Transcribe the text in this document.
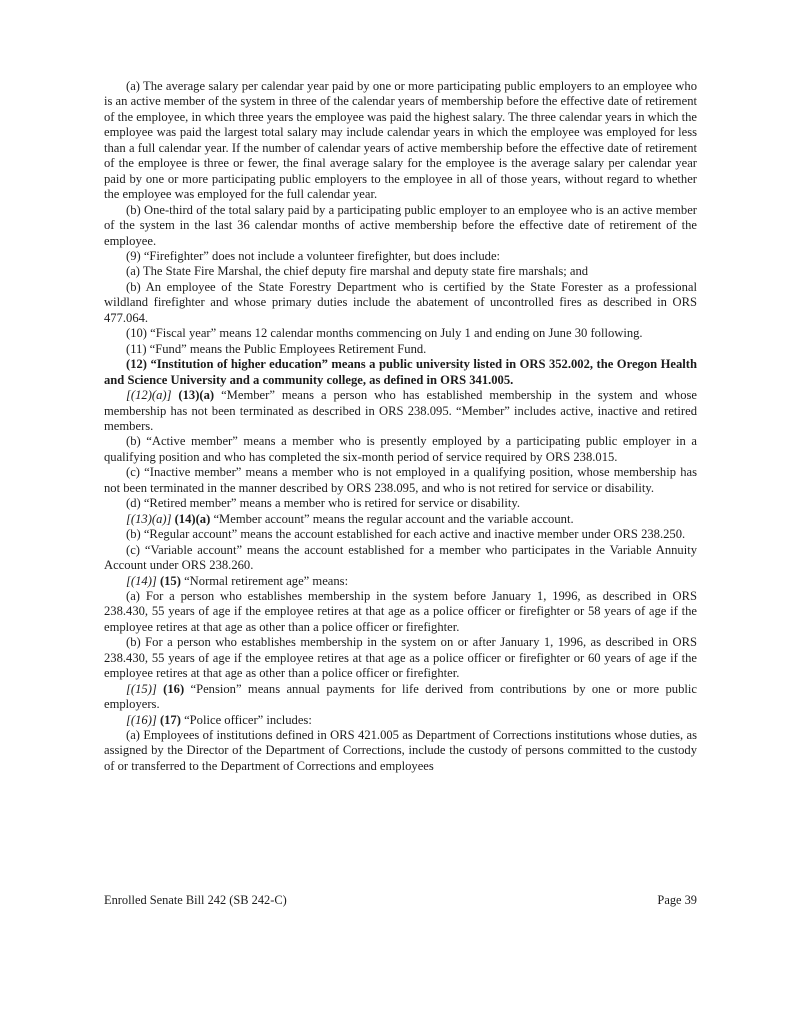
(a) The average salary per calendar year paid by one or more participating public employers to an employee who is an active member of the system in three of the calendar years of membership before the effective date of retirement of the employee, in which three years the employee was paid the highest salary. The three calendar years in which the employee was paid the largest total salary may include calendar years in which the employee was employed for less than a full calendar year. If the number of calendar years of active membership before the effective date of retirement of the employee is three or fewer, the final average salary for the employee is the average salary per calendar year paid by one or more participating public employers to the employee in all of those years, without regard to whether the employee was employed for the full calendar year.

(b) One-third of the total salary paid by a participating public employer to an employee who is an active member of the system in the last 36 calendar months of active membership before the effective date of retirement of the employee.

(9) “Firefighter” does not include a volunteer firefighter, but does include:

(a) The State Fire Marshal, the chief deputy fire marshal and deputy state fire marshals; and

(b) An employee of the State Forestry Department who is certified by the State Forester as a professional wildland firefighter and whose primary duties include the abatement of uncontrolled fires as described in ORS 477.064.

(10) “Fiscal year” means 12 calendar months commencing on July 1 and ending on June 30 following.

(11) “Fund” means the Public Employees Retirement Fund.

(12) “Institution of higher education” means a public university listed in ORS 352.002, the Oregon Health and Science University and a community college, as defined in ORS 341.005.

[(12)(a)] (13)(a) “Member” means a person who has established membership in the system and whose membership has not been terminated as described in ORS 238.095. “Member” includes active, inactive and retired members.

(b) “Active member” means a member who is presently employed by a participating public employer in a qualifying position and who has completed the six-month period of service required by ORS 238.015.

(c) “Inactive member” means a member who is not employed in a qualifying position, whose membership has not been terminated in the manner described by ORS 238.095, and who is not retired for service or disability.

(d) “Retired member” means a member who is retired for service or disability.

[(13)(a)] (14)(a) “Member account” means the regular account and the variable account.

(b) “Regular account” means the account established for each active and inactive member under ORS 238.250.

(c) “Variable account” means the account established for a member who participates in the Variable Annuity Account under ORS 238.260.

[(14)] (15) “Normal retirement age” means:

(a) For a person who establishes membership in the system before January 1, 1996, as described in ORS 238.430, 55 years of age if the employee retires at that age as a police officer or firefighter or 58 years of age if the employee retires at that age as other than a police officer or firefighter.

(b) For a person who establishes membership in the system on or after January 1, 1996, as described in ORS 238.430, 55 years of age if the employee retires at that age as a police officer or firefighter or 60 years of age if the employee retires at that age as other than a police officer or firefighter.

[(15)] (16) “Pension” means annual payments for life derived from contributions by one or more public employers.

[(16)] (17) “Police officer” includes:

(a) Employees of institutions defined in ORS 421.005 as Department of Corrections institutions whose duties, as assigned by the Director of the Department of Corrections, include the custody of persons committed to the custody of or transferred to the Department of Corrections and employees

Enrolled Senate Bill 242 (SB 242-C)	Page 39
